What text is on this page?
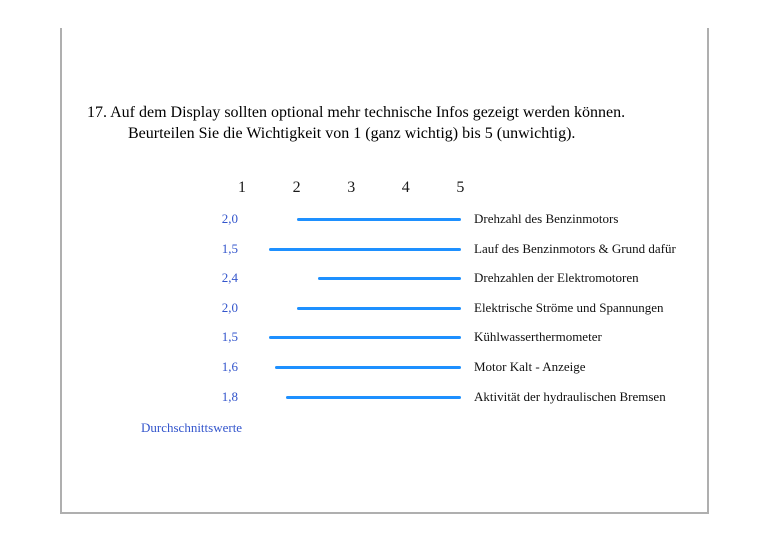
17. Auf dem Display sollten optional mehr technische Infos gezeigt werden können.
Beurteilen Sie die Wichtigkeit von 1 (ganz wichtig) bis 5 (unwichtig).
1	2	3	4	5
2,0	Drehzahl des Benzinmotors
1,5	Lauf des Benzinmotors & Grund dafür
2,4	Drehzahlen der Elektromotoren
2,0	Elektrische Ströme und Spannungen
1,5	Kühlwasserthermometer
1,6	Motor Kalt - Anzeige
1,8	Aktivität der hydraulischen Bremsen
Durchschnittswerte
